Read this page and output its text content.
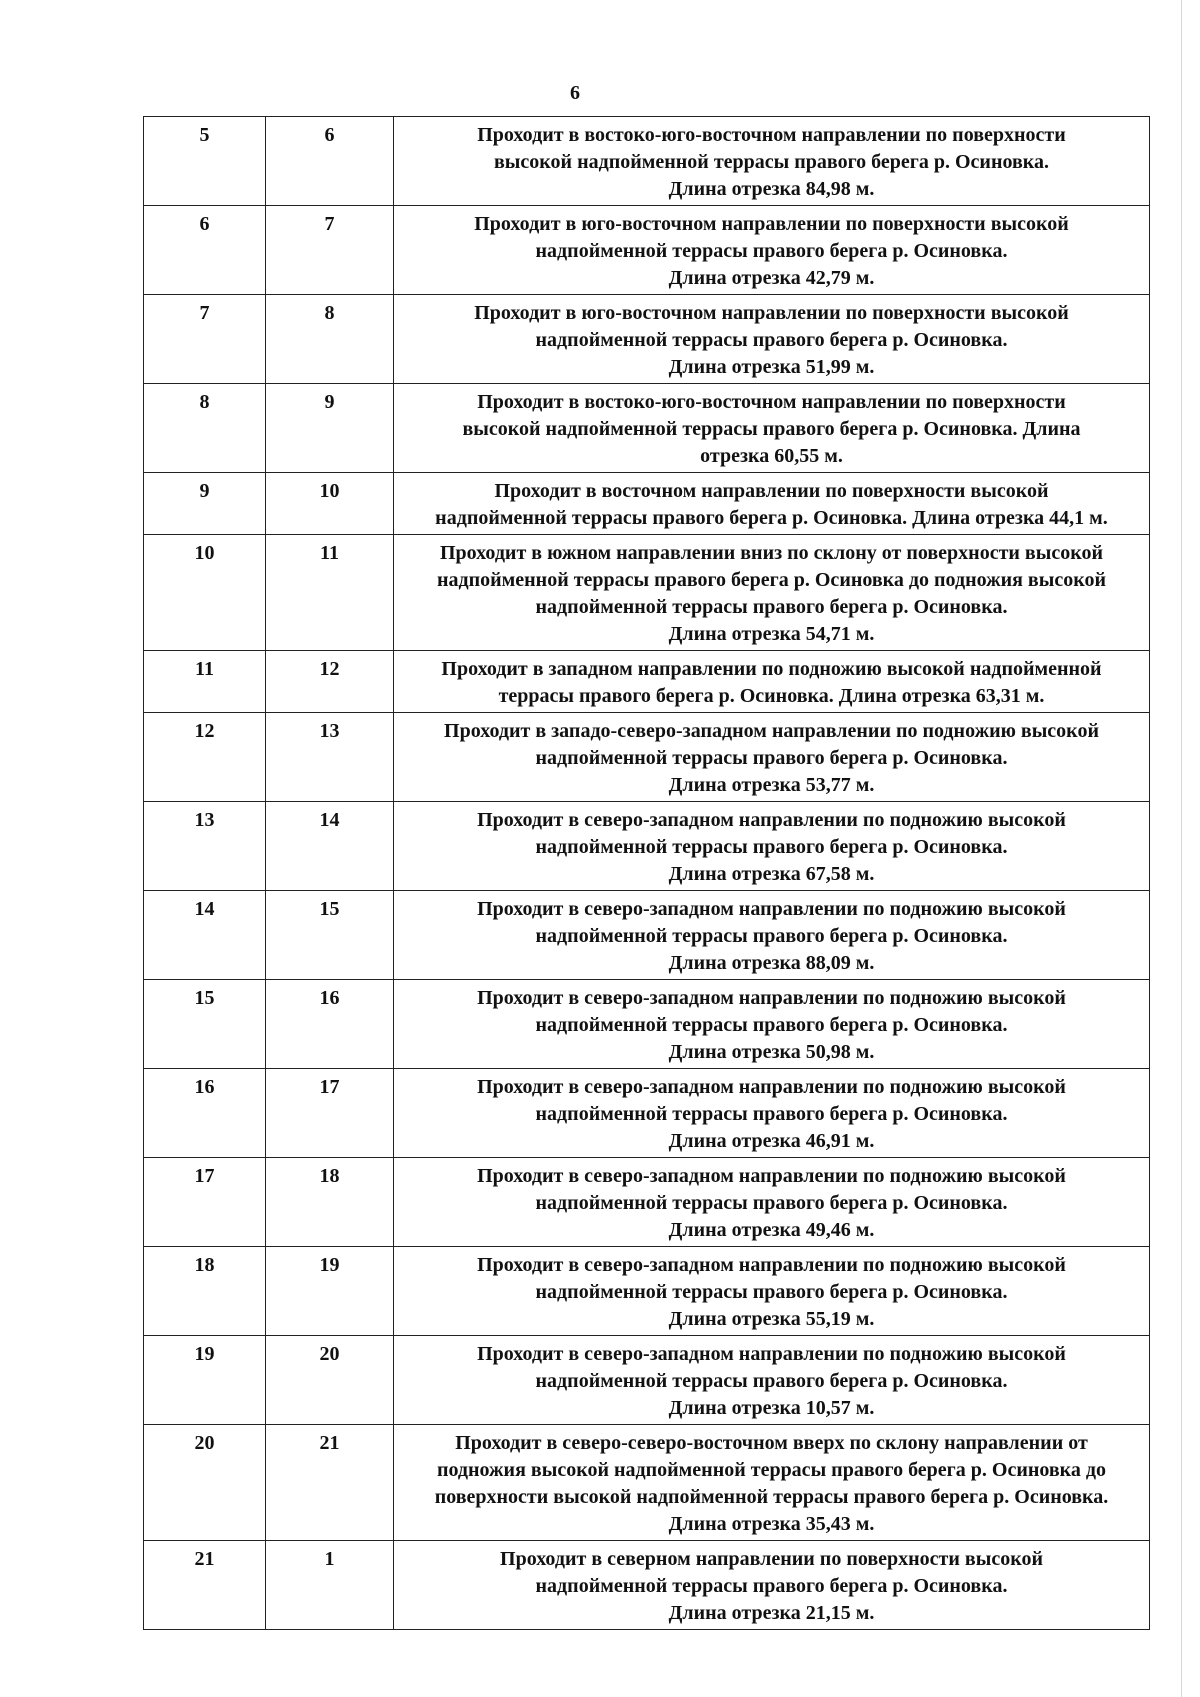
6
5	6	Проходит в востоко-юго-восточном направлении по поверхности
высокой надпойменной террасы правого берега р. Осиновка.
Длина отрезка 84,98 м.

6	7	Проходит в юго-восточном направлении по поверхности высокой
надпойменной террасы правого берега р. Осиновка.
Длина отрезка 42,79 м.

7	8	Проходит в юго-восточном направлении по поверхности высокой
надпойменной террасы правого берега р. Осиновка.
Длина отрезка 51,99 м.

8	9	Проходит в востоко-юго-восточном направлении по поверхности
высокой надпойменной террасы правого берега р. Осиновка. Длина
отрезка 60,55 м.

9	10	Проходит в восточном направлении по поверхности высокой
надпойменной террасы правого берега р. Осиновка. Длина отрезка 44,1 м.

10	11	Проходит в южном направлении вниз по склону от поверхности высокой
надпойменной террасы правого берега р. Осиновка до подножия высокой
надпойменной террасы правого берега р. Осиновка.
Длина отрезка 54,71 м.

11	12	Проходит в западном направлении по подножию высокой надпойменной
террасы правого берега р. Осиновка. Длина отрезка 63,31 м.

12	13	Проходит в западо-северо-западном направлении по подножию высокой
надпойменной террасы правого берега р. Осиновка.
Длина отрезка 53,77 м.

13	14	Проходит в северо-западном направлении по подножию высокой
надпойменной террасы правого берега р. Осиновка.
Длина отрезка 67,58 м.

14	15	Проходит в северо-западном направлении по подножию высокой
надпойменной террасы правого берега р. Осиновка.
Длина отрезка 88,09 м.

15	16	Проходит в северо-западном направлении по подножию высокой
надпойменной террасы правого берега р. Осиновка.
Длина отрезка 50,98 м.

16	17	Проходит в северо-западном направлении по подножию высокой
надпойменной террасы правого берега р. Осиновка.
Длина отрезка 46,91 м.

17	18	Проходит в северо-западном направлении по подножию высокой
надпойменной террасы правого берега р. Осиновка.
Длина отрезка 49,46 м.

18	19	Проходит в северо-западном направлении по подножию высокой
надпойменной террасы правого берега р. Осиновка.
Длина отрезка 55,19 м.

19	20	Проходит в северо-западном направлении по подножию высокой
надпойменной террасы правого берега р. Осиновка.
Длина отрезка 10,57 м.

20	21	Проходит в северо-северо-восточном вверх по склону направлении от
подножия высокой надпойменной террасы правого берега р. Осиновка до
поверхности высокой надпойменной террасы правого берега р. Осиновка.
Длина отрезка 35,43 м.

21	1	Проходит в северном направлении по поверхности высокой
надпойменной террасы правого берега р. Осиновка.
Длина отрезка 21,15 м.
